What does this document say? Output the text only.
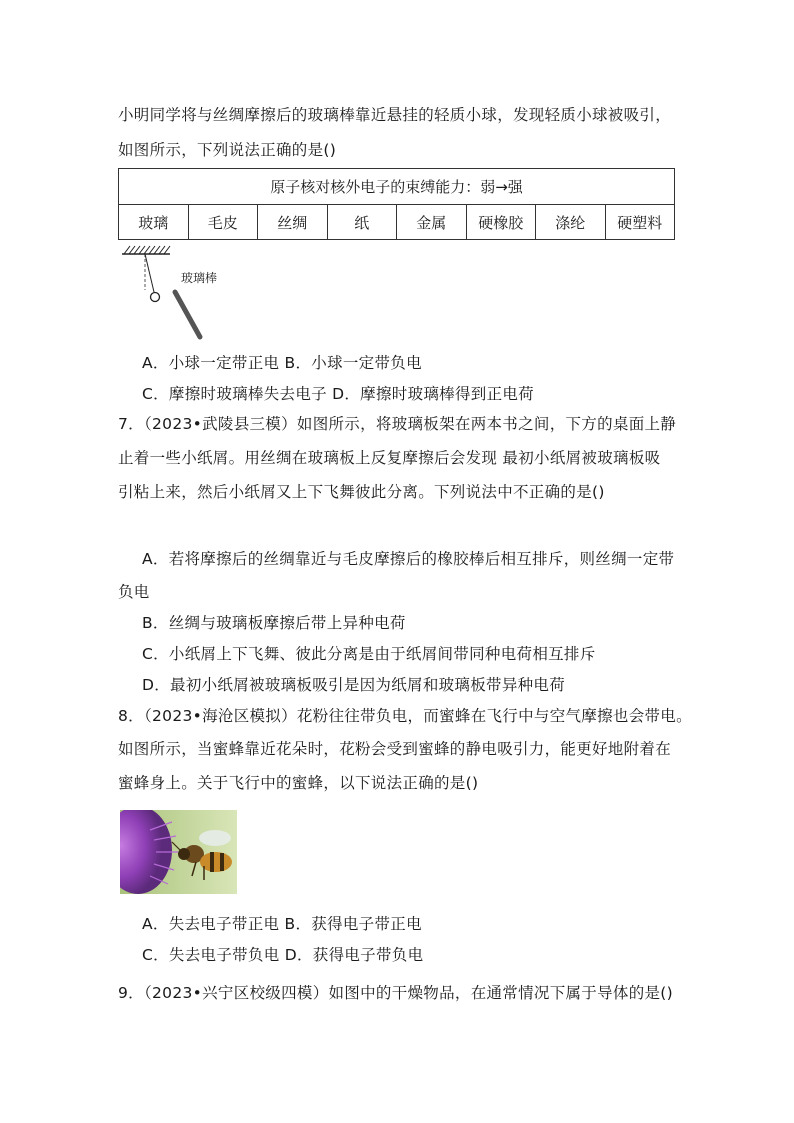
小明同学将与丝绸摩擦后的玻璃棒靠近悬挂的轻质小球，发现轻质小球被吸引，
如图所示，下列说法正确的是()
原子核对核外电子的束缚能力：弱→强
玻璃	毛皮	丝绸	纸	金属	硬橡胶	涤纶	硬塑料
玻璃棒
A．小球一定带正电 B．小球一定带负电
C．摩擦时玻璃棒失去电子 D．摩擦时玻璃棒得到正电荷
7．（2023•武陵县三模）如图所示，将玻璃板架在两本书之间，下方的桌面上静
止着一些小纸屑。用丝绸在玻璃板上反复摩擦后会发现 最初小纸屑被玻璃板吸
引粘上来，然后小纸屑又上下飞舞彼此分离。下列说法中不正确的是()
A．若将摩擦后的丝绸靠近与毛皮摩擦后的橡胶棒后相互排斥，则丝绸一定带
负电
B．丝绸与玻璃板摩擦后带上异种电荷
C．小纸屑上下飞舞、彼此分离是由于纸屑间带同种电荷相互排斥
D．最初小纸屑被玻璃板吸引是因为纸屑和玻璃板带异种电荷
8．（2023•海沧区模拟）花粉往往带负电，而蜜蜂在飞行中与空气摩擦也会带电。
如图所示，当蜜蜂靠近花朵时，花粉会受到蜜蜂的静电吸引力，能更好地附着在
蜜蜂身上。关于飞行中的蜜蜂，以下说法正确的是()
A．失去电子带正电 B．获得电子带正电
C．失去电子带负电 D．获得电子带负电
9．（2023•兴宁区校级四模）如图中的干燥物品，在通常情况下属于导体的是()
